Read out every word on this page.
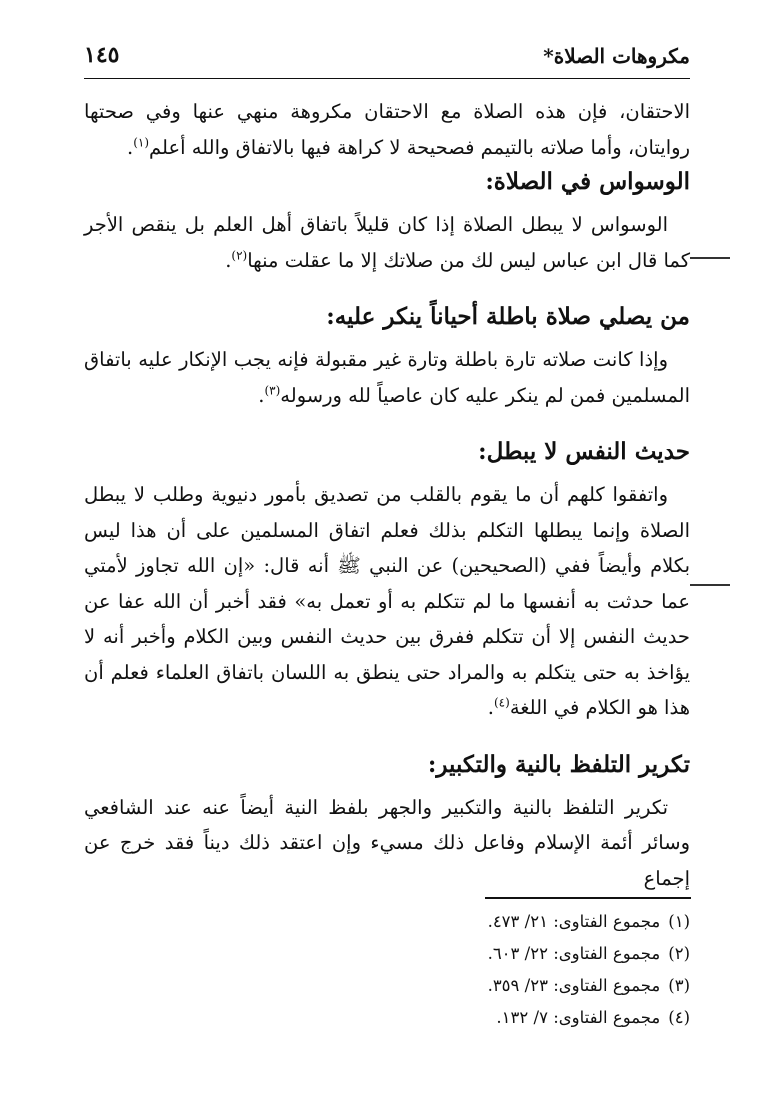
مكروهات الصلاة*
١٤٥

الاحتقان، فإن هذه الصلاة مع الاحتقان مكروهة منهي عنها وفي صحتها روايتان، وأما صلاته بالتيمم فصحيحة لا كراهة فيها بالاتفاق والله أعلم$^{(١)}$.

الوسواس في الصلاة:

الوسواس لا يبطل الصلاة إذا كان قليلاً باتفاق أهل العلم بل ينقص الأجر كما قال ابن عباس ليس لك من صلاتك إلا ما عقلت منها$^{(٢)}$.

من يصلي صلاة باطلة أحياناً ينكر عليه:

وإذا كانت صلاته تارة باطلة وتارة غير مقبولة فإنه يجب الإنكار عليه باتفاق المسلمين فمن لم ينكر عليه كان عاصياً لله ورسوله$^{(٣)}$.

حديث النفس لا يبطل:

واتفقوا كلهم أن ما يقوم بالقلب من تصديق بأمور دنيوية وطلب لا يبطل الصلاة وإنما يبطلها التكلم بذلك فعلم اتفاق المسلمين على أن هذا ليس بكلام وأيضاً ففي (الصحيحين) عن النبي ﷺ أنه قال: «إن الله تجاوز لأمتي عما حدثت به أنفسها ما لم تتكلم به أو تعمل به» فقد أخبر أن الله عفا عن حديث النفس إلا أن تتكلم ففرق بين حديث النفس وبين الكلام وأخبر أنه لا يؤاخذ به حتى يتكلم به والمراد حتى ينطق به اللسان باتفاق العلماء فعلم أن هذا هو الكلام في اللغة$^{(٤)}$.

تكرير التلفظ بالنية والتكبير:

تكرير التلفظ بالنية والتكبير والجهر بلفظ النية أيضاً عنه عند الشافعي وسائر أئمة الإسلام وفاعل ذلك مسيء وإن اعتقد ذلك ديناً فقد خرج عن إجماع

(١)مجموع الفتاوى: ٢١/ ٤٧٣.

(٢)مجموع الفتاوى: ٢٢/ ٦٠٣.

(٣)مجموع الفتاوى: ٢٣/ ٣٥٩.

(٤)مجموع الفتاوى: ٧/ ١٣٢.
